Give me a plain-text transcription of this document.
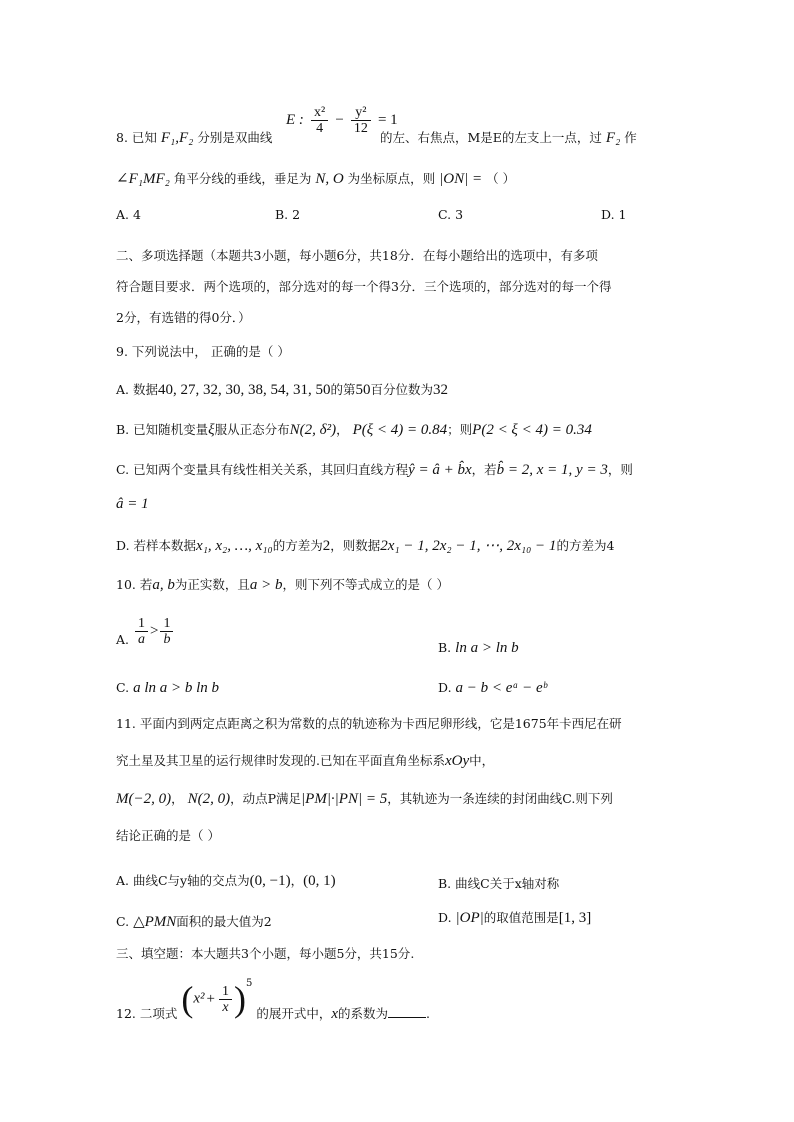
8. 已知 F₁,F₂ 分别是双曲线
E : $\frac{\text{x²}}{4} - \frac{\text{y²}}{12} = 1$
的左、右焦点，M是E的左支上一点，过 F₂ 作
∠F₁MF₂ 角平分线的垂线，垂足为 N, O 为坐标原点，则 |ON| = （ ）
A. 4	B. 2	C. 3	D. 1
二、多项选择题（本题共3小题，每小题6分，共18分．在每小题给出的选项中，有多项
符合题目要求．两个选项的，部分选对的每一个得3分．三个选项的，部分选对的每一个得
2分，有选错的得0分．）
9. 下列说法中， 正确的是（ ）
A. 数据40, 27, 32, 30, 38, 54, 31, 50的第50百分位数为32
B. 已知随机变量ξ服从正态分布N(2, δ²)， P(ξ < 4) = 0.84；则P(2 < ξ < 4) = 0.34
C. 已知两个变量具有线性相关关系，其回归直线方程ŷ = â + b̂x，若b̂ = 2, x = 1, y = 3，则
â = 1
D. 若样本数据x₁, x₂, …, x₁₀的方差为2，则数据2x₁ − 1, 2x₂ − 1, ⋯, 2x₁₀ − 1的方差为4
10. 若a, b为正实数，且a > b，则下列不等式成立的是（ ）
A. $\frac{1}{a} > \frac{1}{b}$
B. ln a > ln b
C. a ln a > b ln b	D. a − b < eᵃ − eᵇ
11. 平面内到两定点距离之积为常数的点的轨迹称为卡西尼卵形线，它是1675年卡西尼在研
究土星及其卫星的运行规律时发现的.已知在平面直角坐标系xOy中，
M(−2, 0)， N(2, 0)，动点P满足|PM|·|PN| = 5，其轨迹为一条连续的封闭曲线C.则下列
结论正确的是（ ）
A. 曲线C与y轴的交点为(0, −1)，(0, 1)	B. 曲线C关于x轴对称
C. △PMN面积的最大值为2	D. |OP|的取值范围是[1, 3]
三、填空题：本大题共3个小题，每小题5分，共15分.
12. 二项式 $(x^2 + \frac{1}{x} )^5$ 的展开式中，x的系数为	.
